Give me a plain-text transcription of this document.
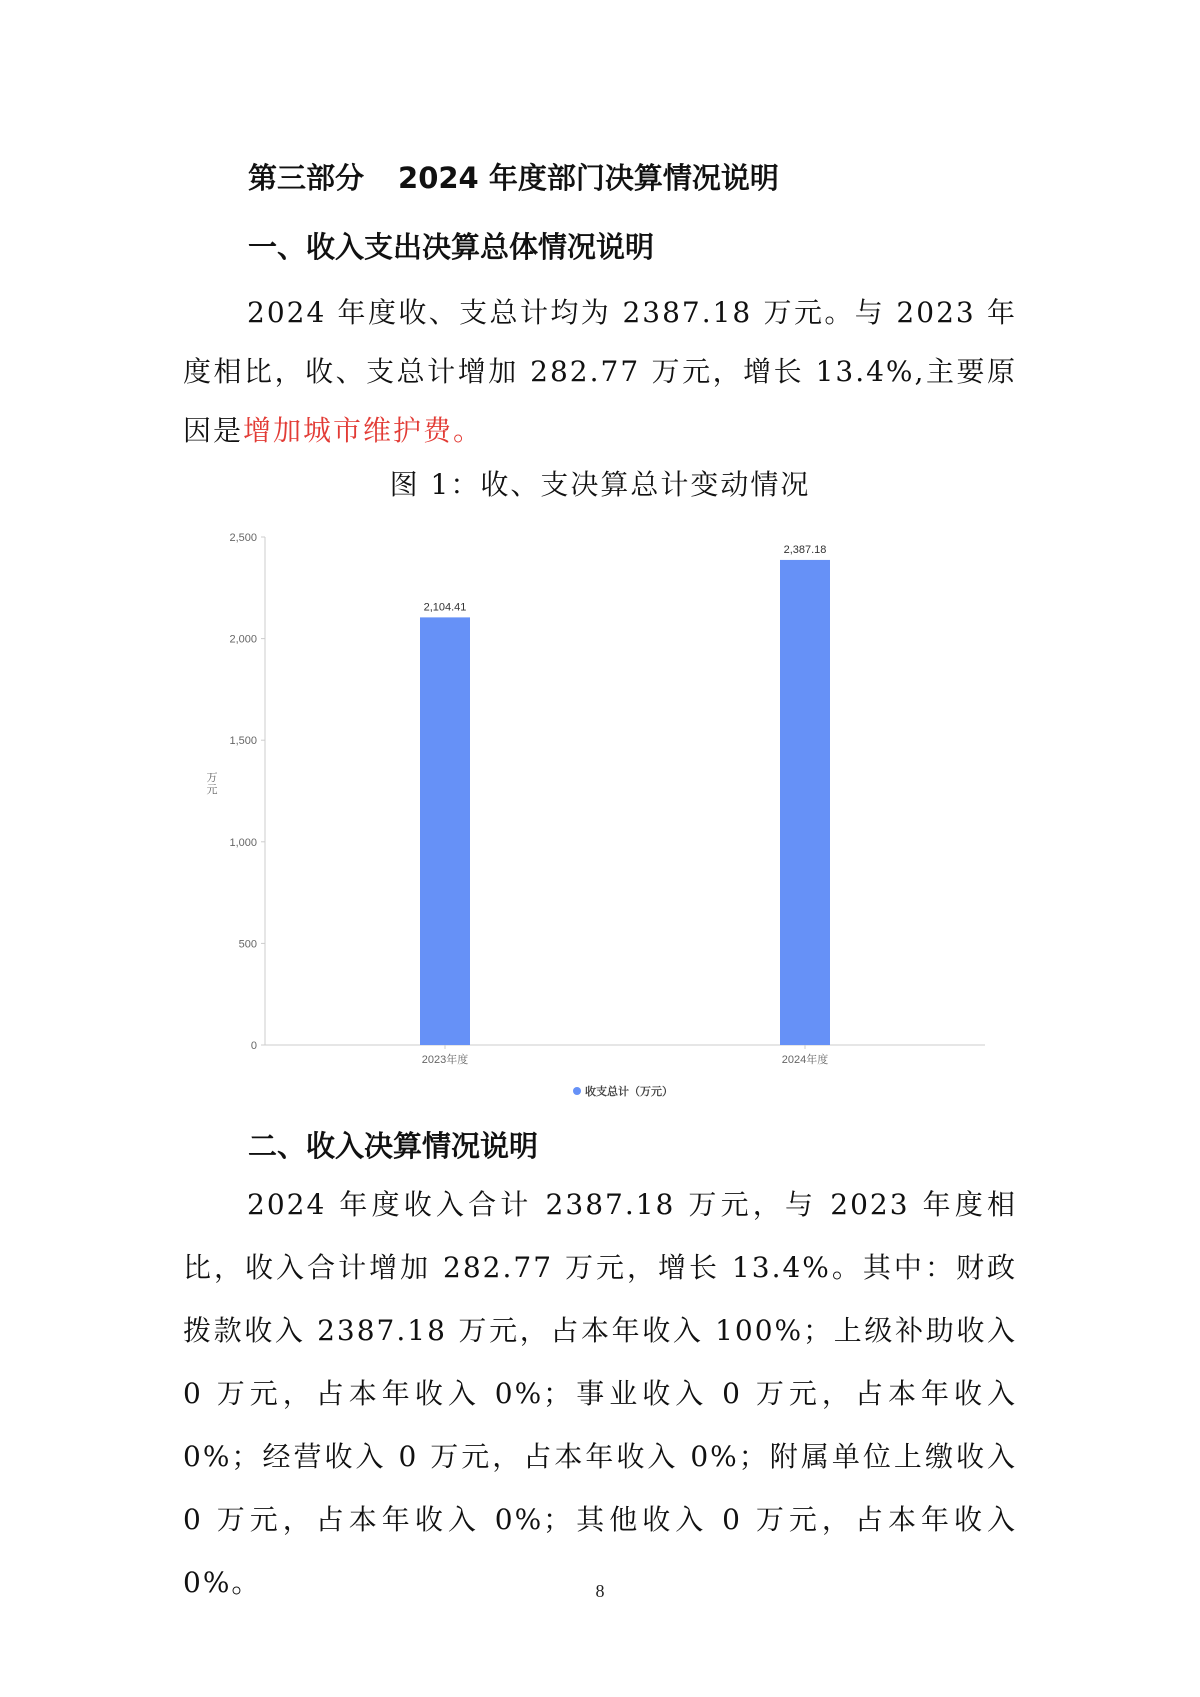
第三部分 2024 年度部门决算情况说明
一、收入支出决算总体情况说明
2024 年度收、支总计均为 2387.18 万元。与 2023 年度相比，收、支总计增加 282.77 万元，增长 13.4%,主要原因是增加城市维护费。
图 1：收、支决算总计变动情况
0
500
1,000
1,500
2,000
2,500
2,104.41
2,387.18
2023年度	2024年度
万元
收支总计（万元）
二、收入决算情况说明
2024 年度收入合计 2387.18 万元，与 2023 年度相比，收入合计增加 282.77 万元，增长 13.4%。其中：财政拨款收入 2387.18 万元，占本年收入 100%；上级补助收入 0 万元，占本年收入 0%；事业收入 0 万元，占本年收入 0%；经营收入 0 万元，占本年收入 0%；附属单位上缴收入 0 万元，占本年收入 0%；其他收入 0 万元，占本年收入 0%。	8
